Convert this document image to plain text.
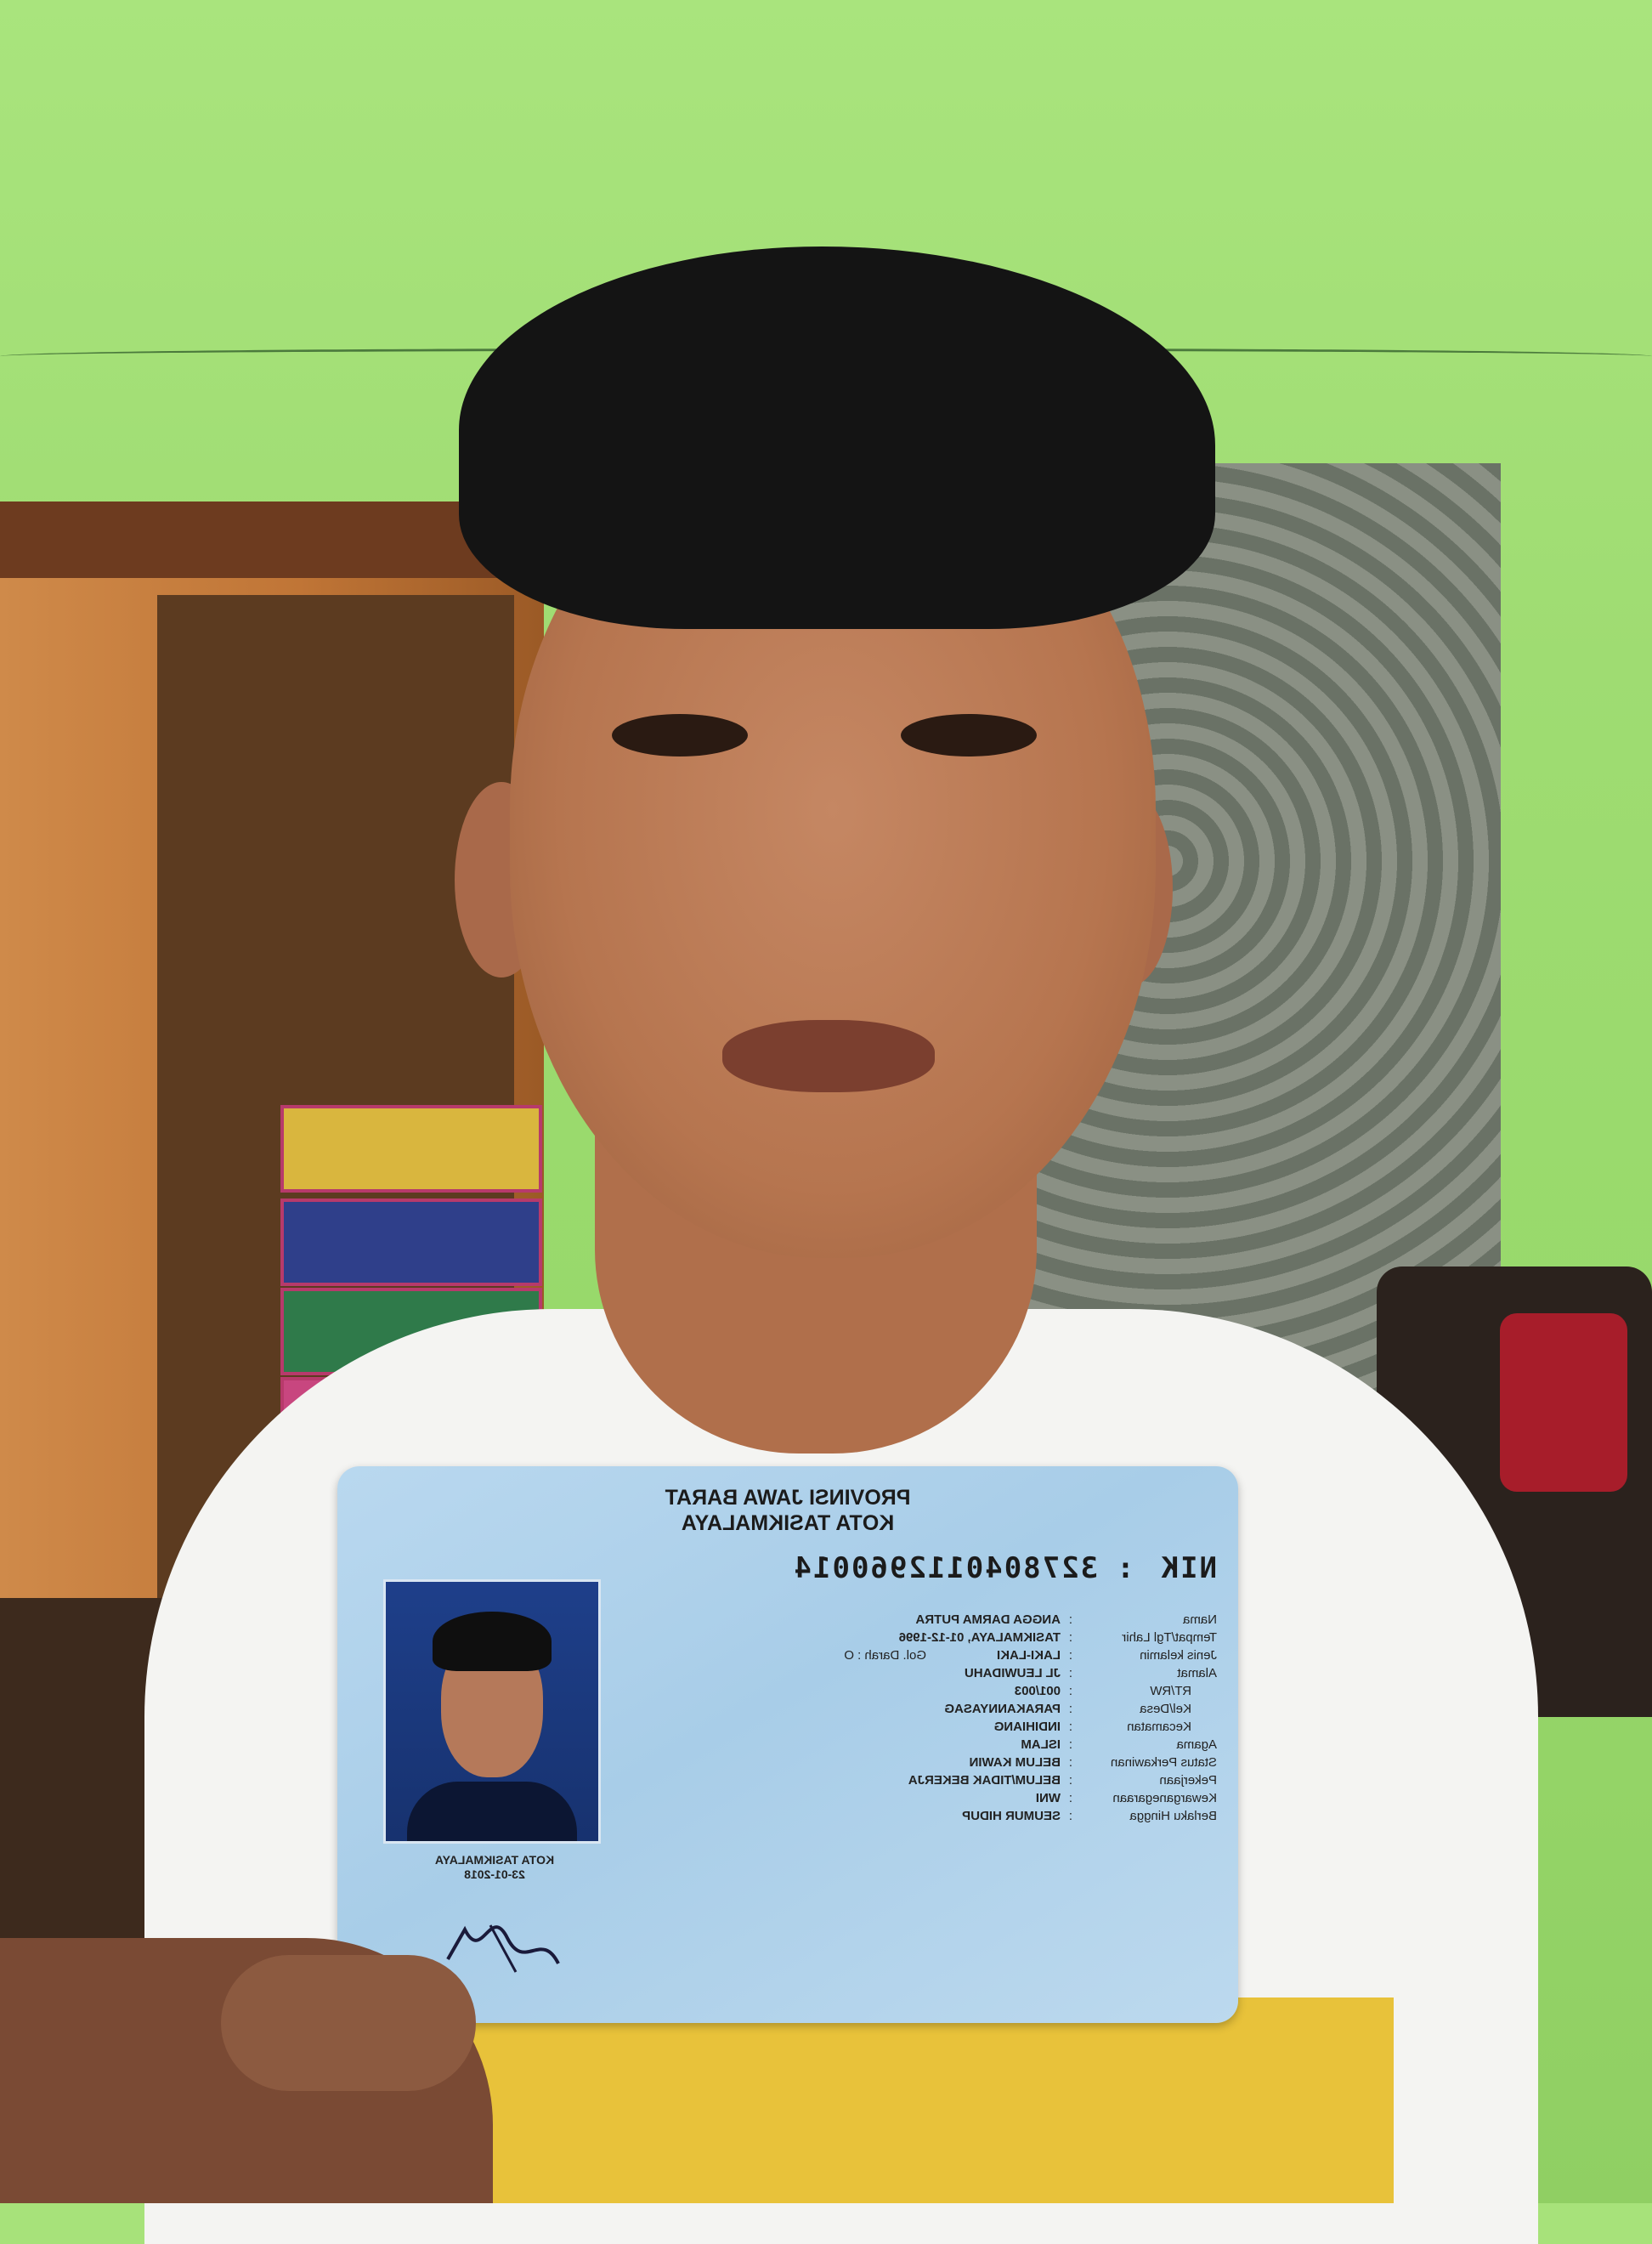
PROVINSI JAWA BARAT
KOTA TASIKMALAYA
NIK:3278040112960014
Nama
:
ANGGA DARMA PUTRA
Tempat/Tgl Lahir
:
TASIKMALAYA, 01-12-1996
Jenis kelamin
:
LAKI-LAKI
Gol. Darah : O
Alamat
:
JL LEUWIDAHU
RT/RW
:
001/003
Kel/Desa
:
PARAKANNYASAG
Kecamatan
:
INDIHIANG
Agama
:
ISLAM
Status Perkawinan
:
BELUM KAWIN
Pekerjaan
:
BELUM/TIDAK BEKERJA
Kewarganegaraan
:
WNI
Berlaku Hingga
:
SEUMUR HIDUP
KOTA TASIKMALAYA
23-01-2018
